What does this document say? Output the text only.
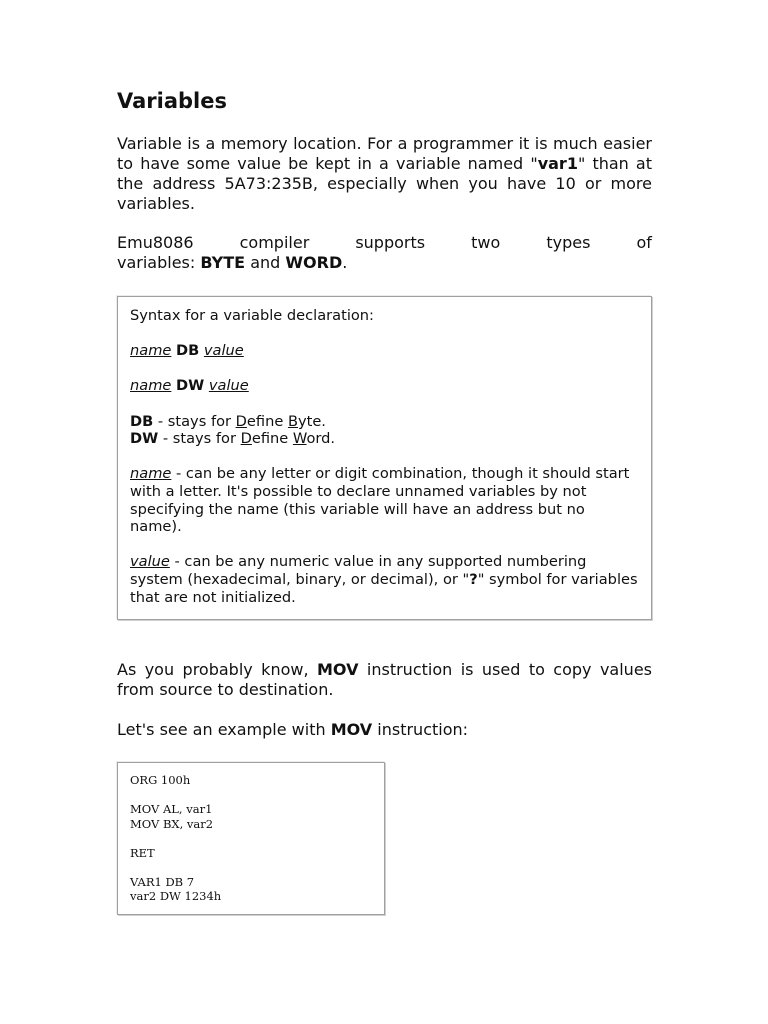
Variables

Variable is a memory location. For a programmer it is much easier to have some value be kept in a variable named "var1" than at the address 5A73:235B, especially when you have 10 or more variables.

Emu8086	compiler	supports	two	types	of
variables: BYTE and WORD.

Syntax for a variable declaration:

name DB value

name DW value

DB - stays for Define Byte.

DW - stays for Define Word.

name - can be any letter or digit combination, though it should start with a letter. It's possible to declare unnamed variables by not specifying the name (this variable will have an address but no name).

value - can be any numeric value in any supported numbering system (hexadecimal, binary, or decimal), or "?" symbol for variables that are not initialized.

As you probably know, MOV instruction is used to copy values from source to destination.

Let's see an example with MOV instruction:

ORG 100h
MOV AL, var1
MOV BX, var2
RET
VAR1 DB 7
var2 DW 1234h
